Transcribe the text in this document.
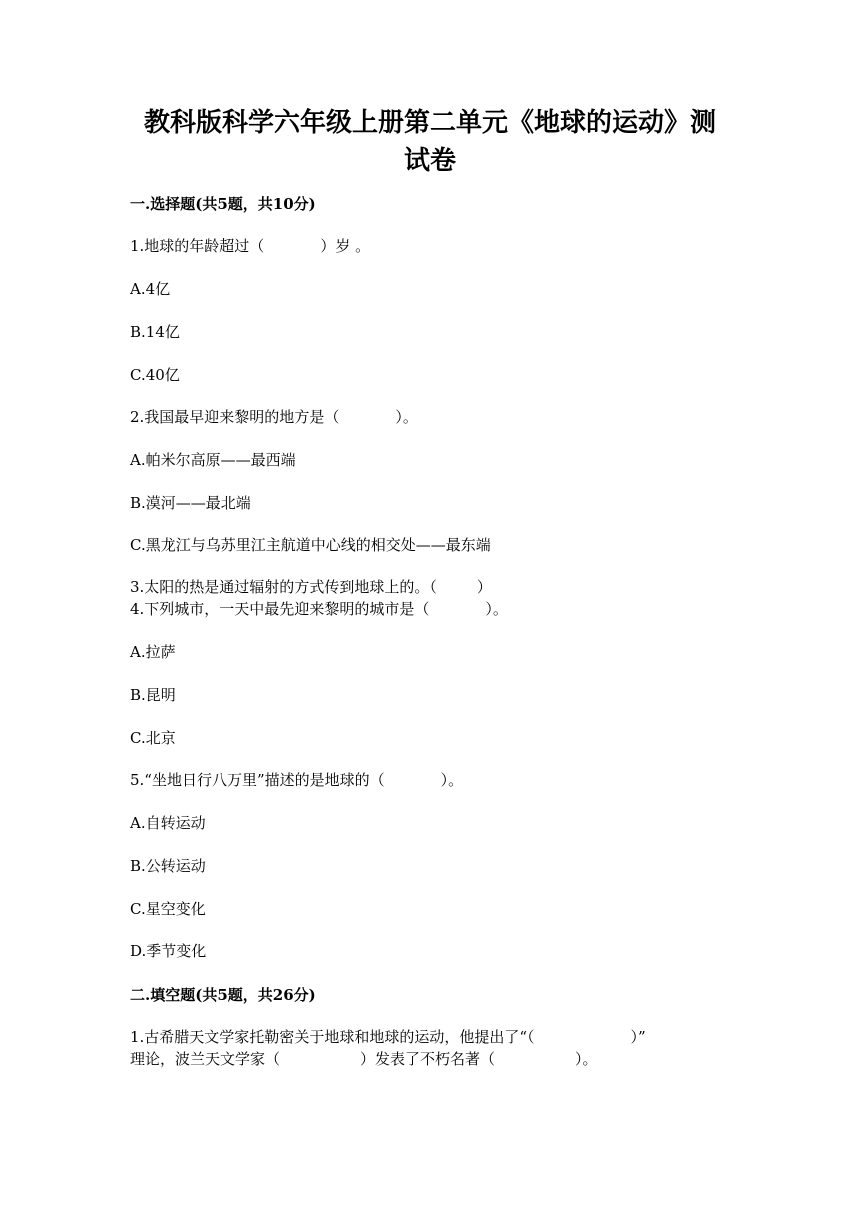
教科版科学六年级上册第二单元《地球的运动》测
试卷

一.选择题(共5题，共10分)

1.地球的年龄超过（	）岁 。

A.4亿

B.14亿

C.40亿

2.我国最早迎来黎明的地方是（	）。

A.帕米尔高原——最西端

B.漠河——最北端

C.黑龙江与乌苏里江主航道中心线的相交处——最东端

3.太阳的热是通过辐射的方式传到地球上的。（	）

4.下列城市，一天中最先迎来黎明的城市是（	）。

A.拉萨

B.昆明

C.北京

5.“坐地日行八万里”描述的是地球的（	）。

A.自转运动

B.公转运动

C.星空变化

D.季节变化

二.填空题(共5题，共26分)

1.古希腊天文学家托勒密关于地球和地球的运动，他提出了“（	）”

理论，波兰天文学家（	）发表了不朽名著（	）。
